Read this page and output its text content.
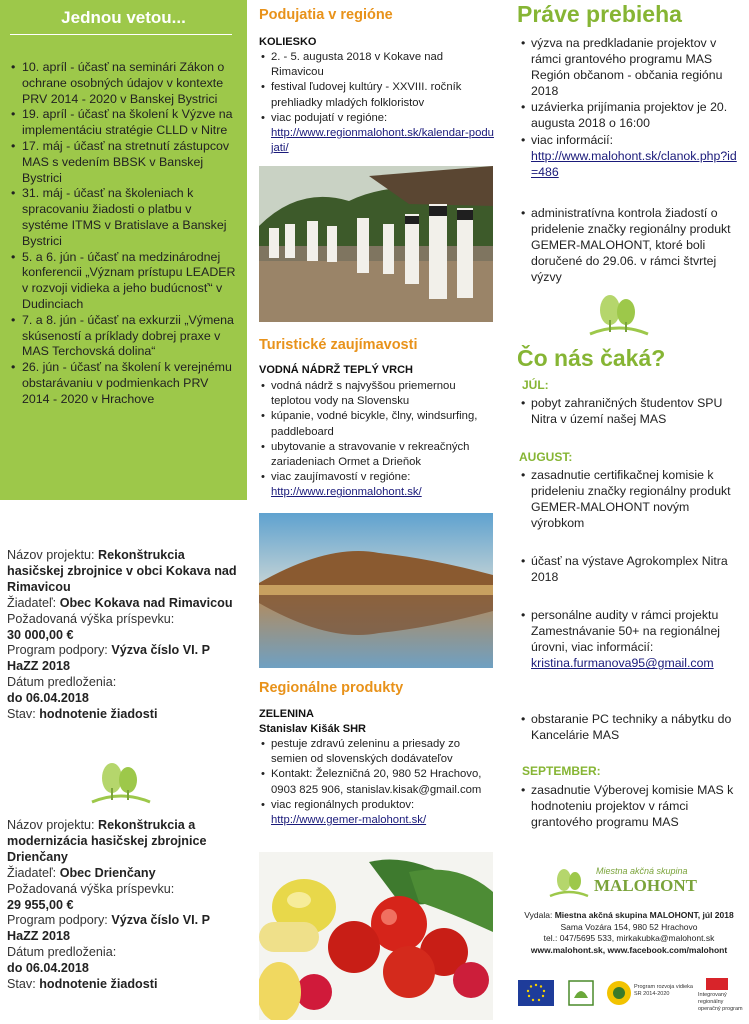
Jednou vetou...
• 10. apríl - účasť na seminári Zákon o ochrane osobných údajov v kontexte PRV 2014 - 2020 v Banskej Bystrici
• 19. apríl - účasť na školení k Výzve na implementáciu stratégie CLLD v Nitre
• 17. máj - účasť na stretnutí zástupcov MAS s vedením BBSK v Banskej Bystrici
• 31. máj - účasť na školeniach k spracovaniu žiadosti o platbu v systéme ITMS v Bratislave a Banskej Bystrici
• 5. a 6. jún - účasť na medzinárodnej konferencii „Význam prístupu LEADER v rozvoji vidieka a jeho budúcnosť“ v Dudinciach
• 7. a 8. jún - účasť na exkurzii „Výmena skúseností a príklady dobrej praxe v MAS Terchovská dolina“
• 26. jún - účasť na školení k verejnému obstarávaniu v podmienkach PRV 2014 - 2020 v Hrachove
Predložené projekty
Názov projektu: Rekonštrukcia hasičskej zbrojnice v obci Kokava nad Rimavicou
Žiadateľ: Obec Kokava nad Rimavicou
Požadovaná výška príspevku:
30 000,00 €
Program podpory: Výzva číslo VI. P HaZZ 2018
Dátum predloženia:
do 06.04.2018
Stav: hodnotenie žiadosti
Názov projektu: Rekonštrukcia a modernizácia hasičskej zbrojnice Drienčany
Žiadateľ: Obec Drienčany
Požadovaná výška príspevku:
29 955,00 €
Program podpory: Výzva číslo VI. P HaZZ 2018
Dátum predloženia:
do 06.04.2018
Stav: hodnotenie žiadosti
Podujatia v regióne
KOLIESKO
• 2. - 5. augusta 2018 v Kokave nad Rimavicou
• festival ľudovej kultúry - XXVIII. ročník prehliadky mladých folkloristov
• viac podujatí v regióne:
http://www.regionmalohont.sk/kalendar-podujati/
Turistické zaujímavosti
VODNÁ NÁDRŽ TEPLÝ VRCH
• vodná nádrž s najvyššou priemernou teplotou vody na Slovensku
• kúpanie, vodné bicykle, člny, windsurfing, paddleboard
• ubytovanie a stravovanie v rekreačných zariadeniach Ormet a Drieňok
• viac zaujímavostí v regióne:
http://www.regionmalohont.sk/
Regionálne produkty
ZELENINA
Stanislav Kišák SHR
• pestuje zdravú zeleninu a priesady zo semien od slovenských dodávateľov
• Kontakt: Železničná 20, 980 52 Hrachovo, 0903 825 906, stanislav.kisak@gmail.com
• viac regionálnych produktov:
http://www.gemer-malohont.sk/
Práve prebieha
• výzva na predkladanie projektov v rámci grantového programu MAS Región občanom - občania regiónu 2018
• uzávierka prijímania projektov je 20. augusta 2018 o 16:00
• viac informácií:
http://www.malohont.sk/clanok.php?id=486
• administratívna kontrola žiadostí o pridelenie značky regionálny produkt GEMER-MALOHONT, ktoré boli doručené do 29.06. v rámci štvrtej výzvy
Čo nás čaká?
JÚL:
• pobyt zahraničných študentov SPU Nitra v území našej MAS
AUGUST:
• zasadnutie certifikačnej komisie k prideleniu značky regionálny produkt GEMER-MALOHONT novým výrobkom
• účasť na výstave Agrokomplex Nitra 2018
• personálne audity v rámci projektu Zamestnávanie 50+ na regionálnej úrovni, viac informácií:
kristina.furmanova95@gmail.com
• obstaranie PC techniky a nábytku do Kancelárie MAS
SEPTEMBER:
• zasadnutie Výberovej komisie MAS k hodnoteniu projektov v rámci grantového programu MAS
Miestna akčná skupina
MALOHONT
Vydala: Miestna akčná skupina MALOHONT, júl 2018
Sama Vozára 154, 980 52 Hrachovo
tel.: 047/5695 533, mirkakubka@malohont.sk
www.malohont.sk, www.facebook.com/malohont
Program rozvoja vidieka SR 2014-2020	Integrovaný regionálny operačný program
